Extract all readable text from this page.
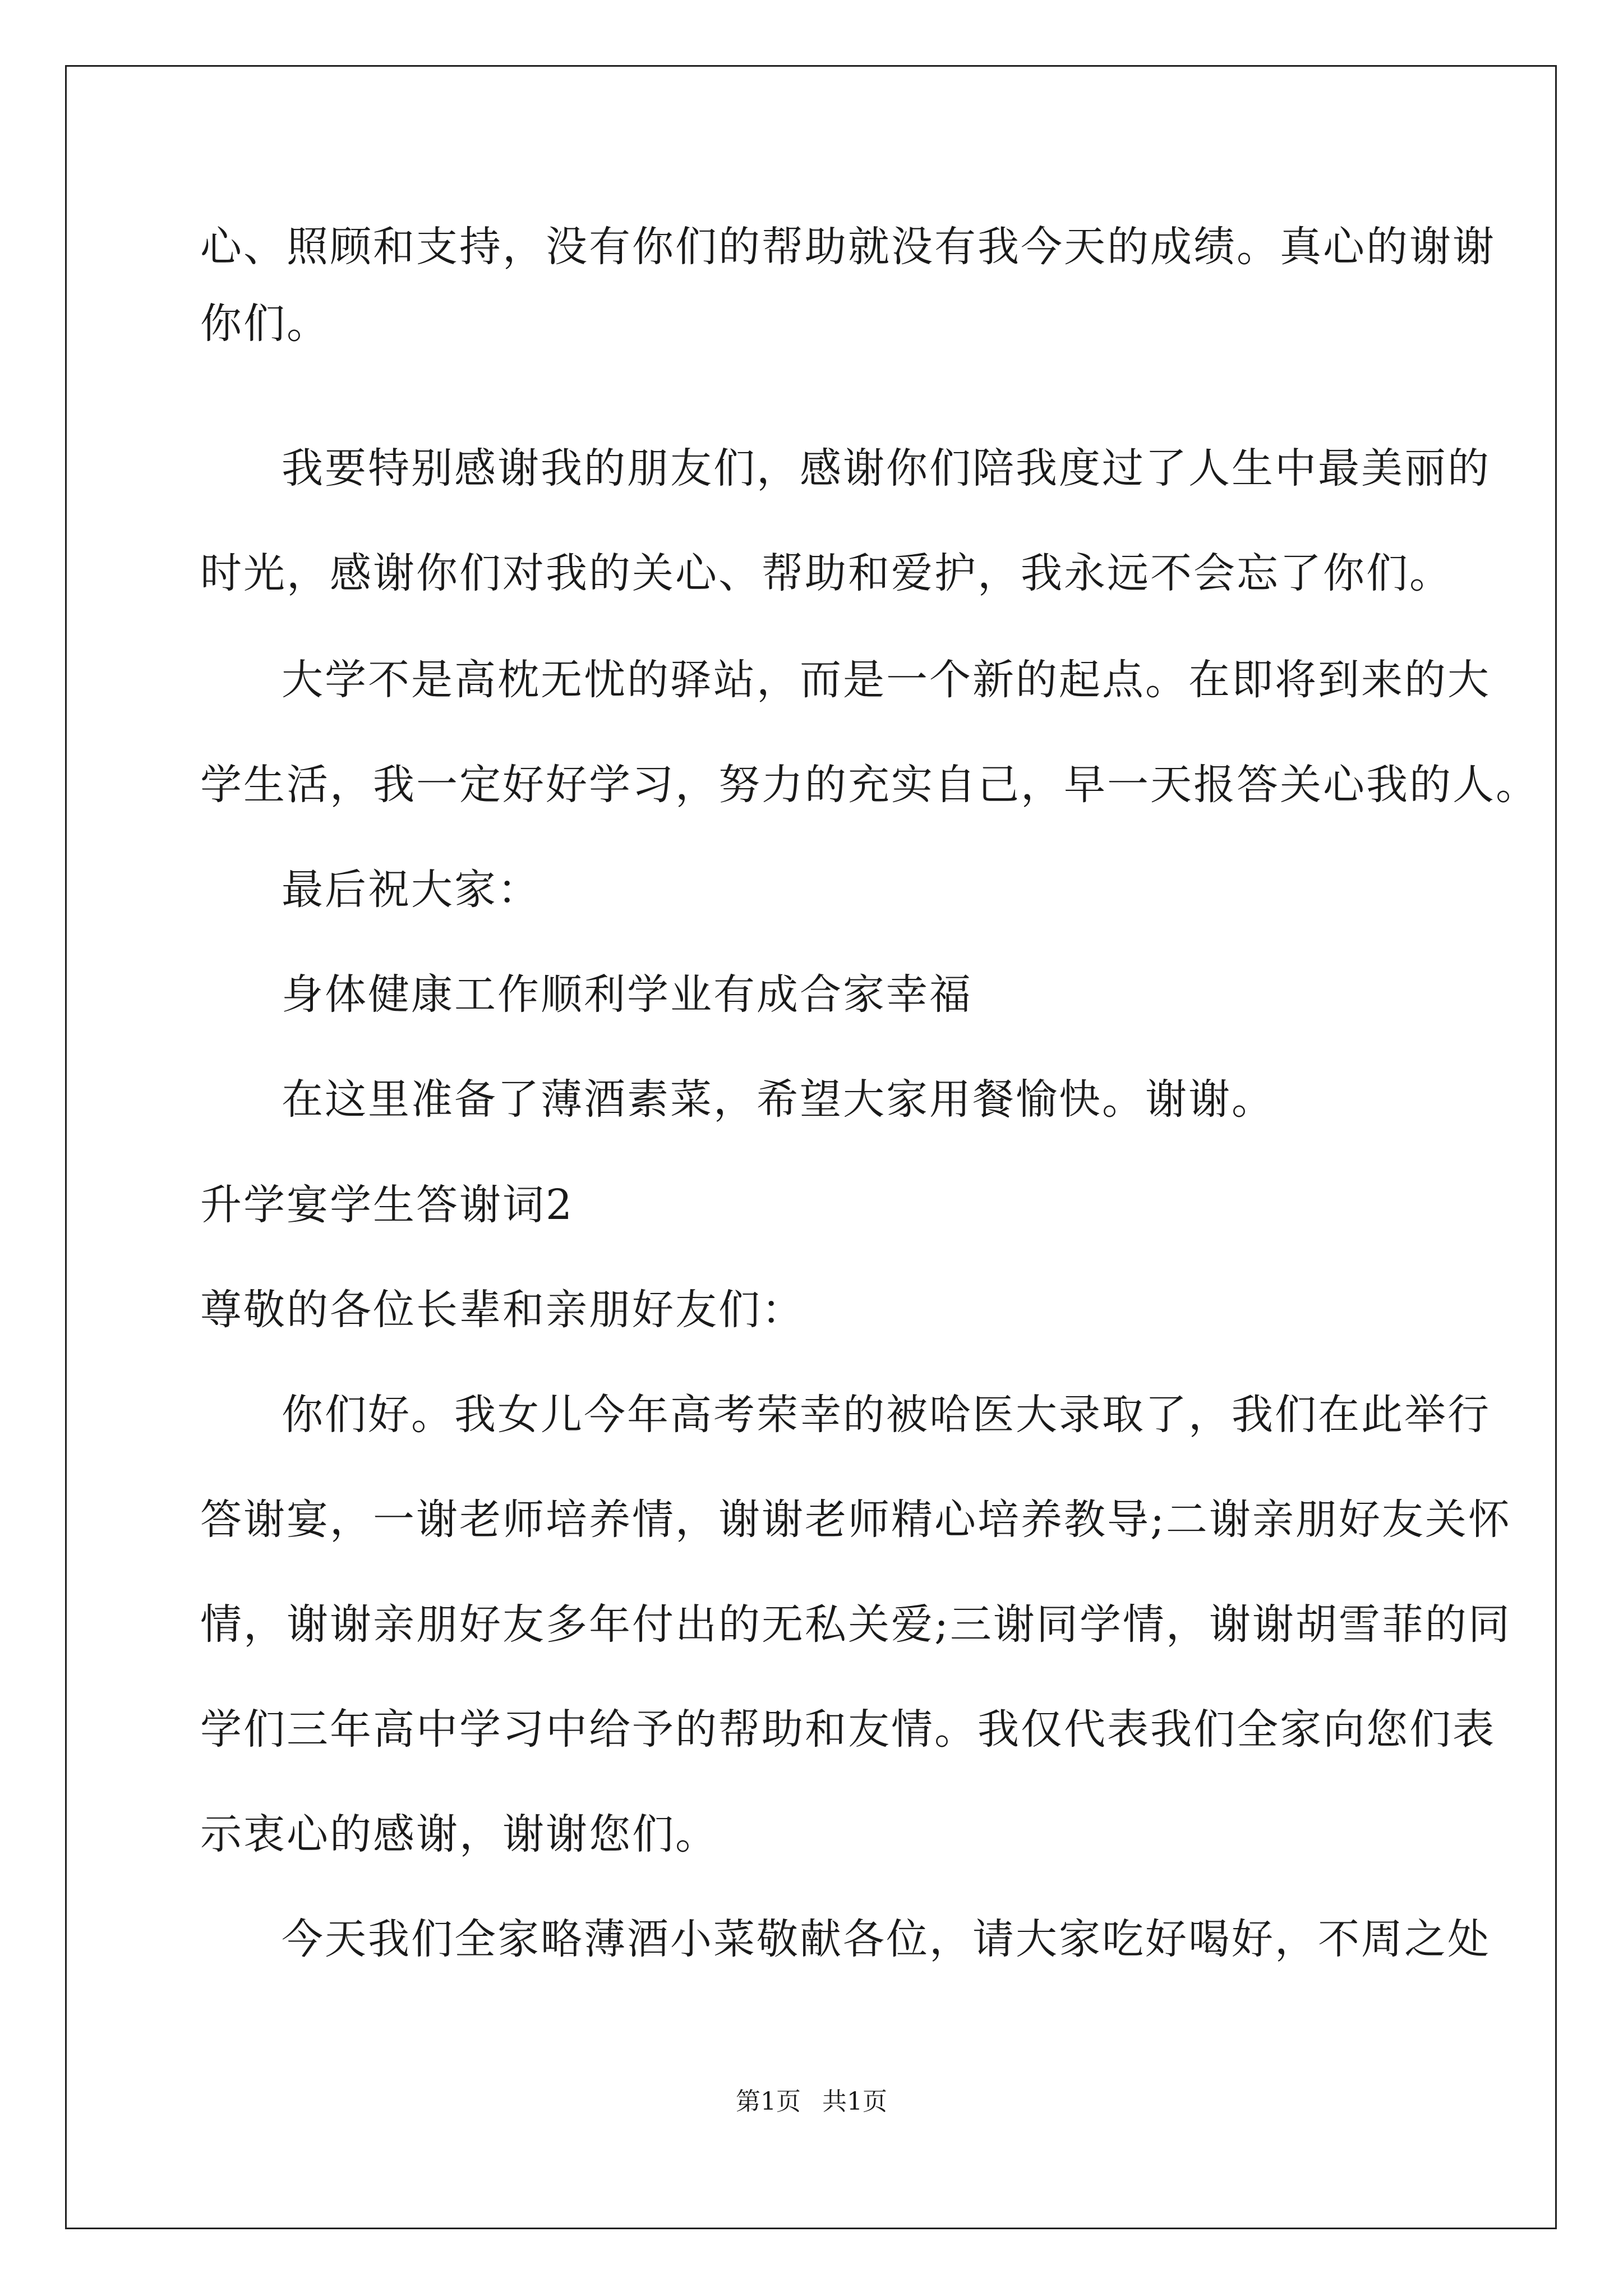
心、照顾和支持，没有你们的帮助就没有我今天的成绩。真心的谢谢
你们。
我要特别感谢我的朋友们，感谢你们陪我度过了人生中最美丽的
时光，感谢你们对我的关心、帮助和爱护，我永远不会忘了你们。
大学不是高枕无忧的驿站，而是一个新的起点。在即将到来的大
学生活，我一定好好学习，努力的充实自己，早一天报答关心我的人。
最后祝大家：
身体健康工作顺利学业有成合家幸福
在这里准备了薄酒素菜，希望大家用餐愉快。谢谢。
升学宴学生答谢词2
尊敬的各位长辈和亲朋好友们：
你们好。我女儿今年高考荣幸的被哈医大录取了，我们在此举行
答谢宴，一谢老师培养情，谢谢老师精心培养教导;二谢亲朋好友关怀
情，谢谢亲朋好友多年付出的无私关爱;三谢同学情，谢谢胡雪菲的同
学们三年高中学习中给予的帮助和友情。我仅代表我们全家向您们表
示衷心的感谢，谢谢您们。
今天我们全家略薄酒小菜敬献各位，请大家吃好喝好，不周之处
第1页 共1页
